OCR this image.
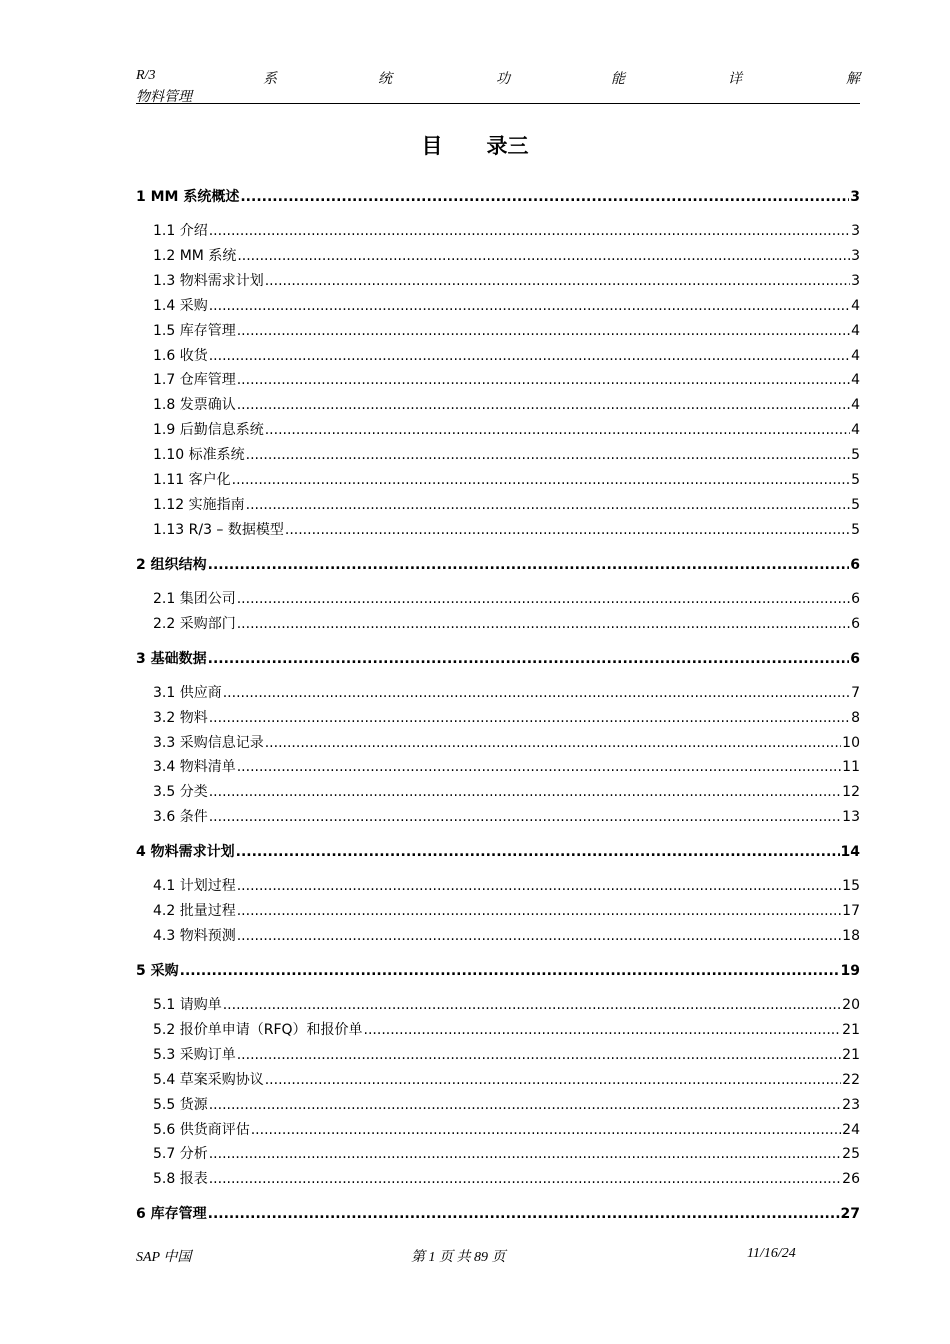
R/3	系	统	功	能	详	解
物料管理
目 录三
1 MM 系统概述 .....	3
1.1 介绍 .....	3
1.2 MM 系统 .....	3
1.3 物料需求计划 .....	3
1.4 采购 .....	4
1.5 库存管理 .....	4
1.6 收货 .....	4
1.7 仓库管理 .....	4
1.8 发票确认 .....	4
1.9 后勤信息系统 .....	4
1.10 标准系统 .....	5
1.11 客户化 .....	5
1.12 实施指南 .....	5
1.13 R/3 – 数据模型 .....	5
2 组织结构 .....	6
2.1 集团公司 .....	6
2.2 采购部门 .....	6
3 基础数据 .....	6
3.1 供应商 .....	7
3.2 物料 .....	8
3.3 采购信息记录 .....	10
3.4 物料清单 .....	11
3.5 分类 .....	12
3.6 条件 .....	13
4 物料需求计划 .....	14
4.1 计划过程 .....	15
4.2 批量过程 .....	17
4.3 物料预测 .....	18
5 采购 .....	19
5.1 请购单 .....	20
5.2 报价单申请（RFQ）和报价单 .....	21
5.3 采购订单 .....	21
5.4 草案采购协议 .....	22
5.5 货源 .....	23
5.6 供货商评估 .....	24
5.7 分析 .....	25
5.8 报表 .....	26
6 库存管理 .....	27
SAP 中国	第 1 页 共 89 页	11/16/24
